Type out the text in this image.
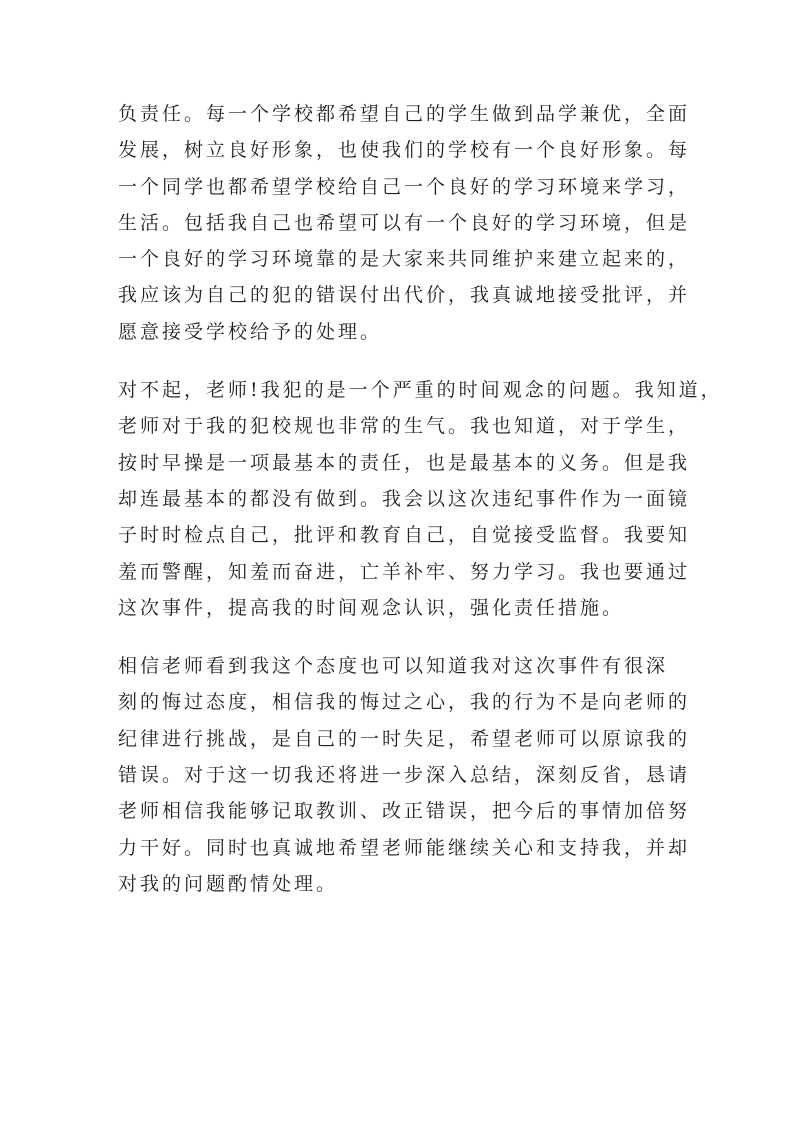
负责任。每一个学校都希望自己的学生做到品学兼优，全面
发展，树立良好形象，也使我们的学校有一个良好形象。每
一个同学也都希望学校给自己一个良好的学习环境来学习，
生活。包括我自己也希望可以有一个良好的学习环境，但是
一个良好的学习环境靠的是大家来共同维护来建立起来的，
我应该为自己的犯的错误付出代价，我真诚地接受批评，并
愿意接受学校给予的处理。

对不起，老师!我犯的是一个严重的时间观念的问题。我知道，
老师对于我的犯校规也非常的生气。我也知道，对于学生，
按时早操是一项最基本的责任，也是最基本的义务。但是我
却连最基本的都没有做到。我会以这次违纪事件作为一面镜
子时时检点自己，批评和教育自己，自觉接受监督。我要知
羞而警醒，知羞而奋进，亡羊补牢、努力学习。我也要通过
这次事件，提高我的时间观念认识，强化责任措施。

相信老师看到我这个态度也可以知道我对这次事件有很深
刻的悔过态度，相信我的悔过之心，我的行为不是向老师的
纪律进行挑战，是自己的一时失足，希望老师可以原谅我的
错误。对于这一切我还将进一步深入总结，深刻反省，恳请
老师相信我能够记取教训、改正错误，把今后的事情加倍努
力干好。同时也真诚地希望老师能继续关心和支持我，并却
对我的问题酌情处理。
